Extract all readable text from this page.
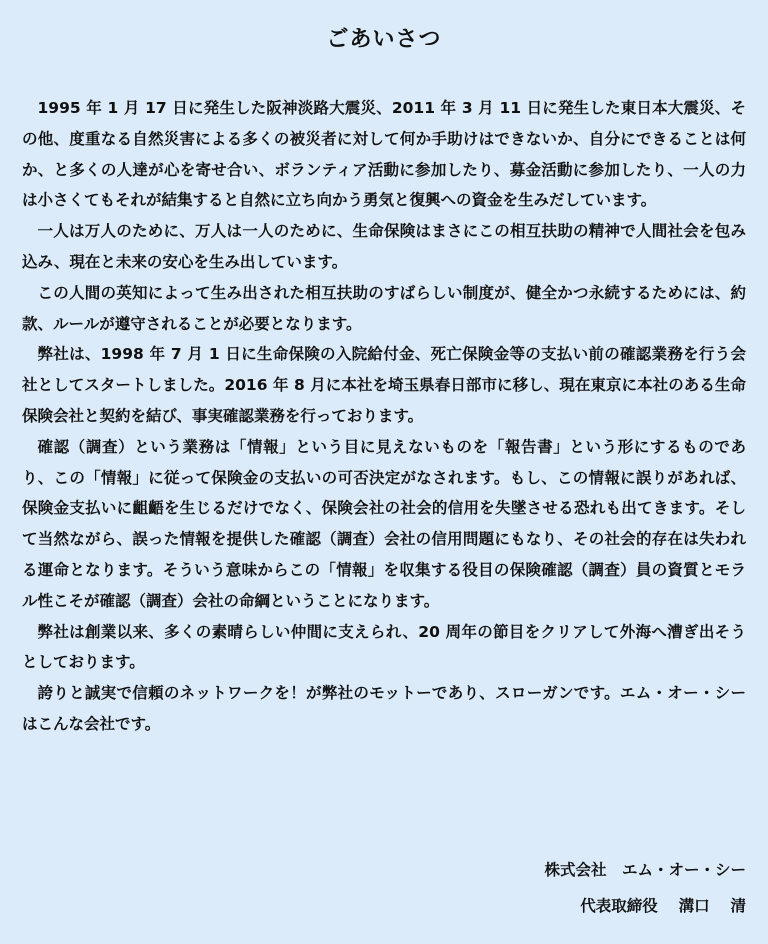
ごあいさつ

1995 年 1 月 17 日に発生した阪神淡路大震災、2011 年 3 月 11 日に発生した東日本大震災、その他、度重なる自然災害による多くの被災者に対して何か手助けはできないか、自分にできることは何か、と多くの人達が心を寄せ合い、ボランティア活動に参加したり、募金活動に参加したり、一人の力は小さくてもそれが結集すると自然に立ち向かう勇気と復興への資金を生みだしています。

一人は万人のために、万人は一人のために、生命保険はまさにこの相互扶助の精神で人間社会を包み込み、現在と未来の安心を生み出しています。

この人間の英知によって生み出された相互扶助のすばらしい制度が、健全かつ永続するためには、約款、ルールが遵守されることが必要となります。

弊社は、1998 年 7 月 1 日に生命保険の入院給付金、死亡保険金等の支払い前の確認業務を行う会社としてスタートしました。2016 年 8 月に本社を埼玉県春日部市に移し、現在東京に本社のある生命保険会社と契約を結び、事実確認業務を行っております。

確認（調査）という業務は「情報」という目に見えないものを「報告書」という形にするものであり、この「情報」に従って保険金の支払いの可否決定がなされます。もし、この情報に誤りがあれば、保険金支払いに齟齬を生じるだけでなく、保険会社の社会的信用を失墜させる恐れも出てきます。そして当然ながら、誤った情報を提供した確認（調査）会社の信用問題にもなり、その社会的存在は失われる運命となります。そういう意味からこの「情報」を収集する役目の保険確認（調査）員の資質とモラル性こそが確認（調査）会社の命綱ということになります。

弊社は創業以来、多くの素晴らしい仲間に支えられ、20 周年の節目をクリアして外海へ漕ぎ出そうとしております。

誇りと誠実で信頼のネットワークを！が弊社のモットーであり、スローガンです。エム・オー・シーはこんな会社です。

株式会社　エム・オー・シー
代表取締役　 溝口　 清
